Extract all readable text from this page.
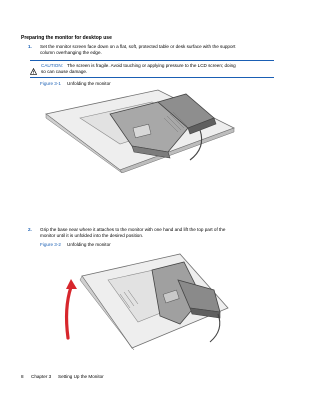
Preparing the monitor for desktop use
1. Set the monitor screen face down on a flat, soft, protected table or desk surface with the support
column overhanging the edge.
CAUTION: The screen is fragile. Avoid touching or applying pressure to the LCD screen; doing
so can cause damage.
Figure 3-1 Unfolding the monitor
2. Grip the base near where it attaches to the monitor with one hand and lift the top part of the
monitor until it is unfolded into the desired position.
Figure 3-2 Unfolding the monitor
8 Chapter 3 Setting Up the Monitor
